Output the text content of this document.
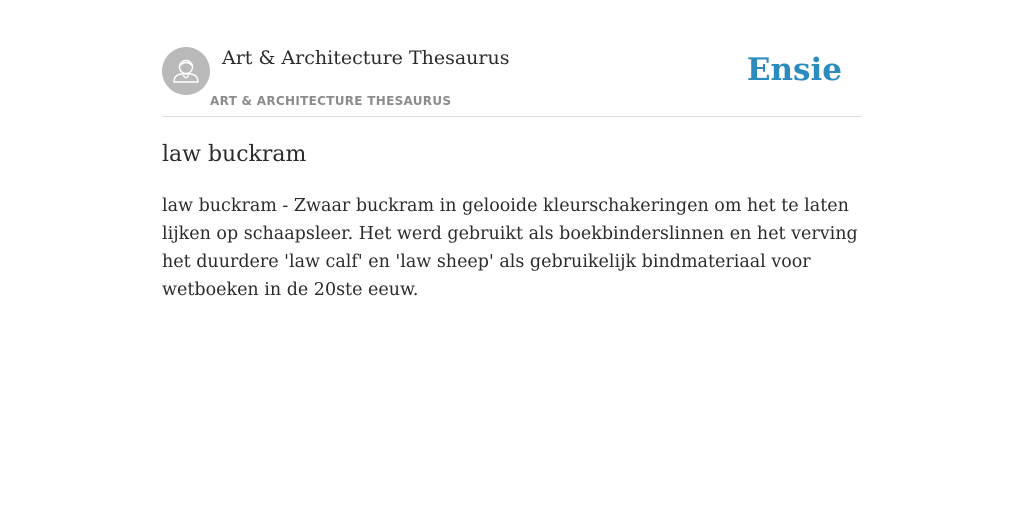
Art & Architecture Thesaurus
ART & ARCHITECTURE THESAURUS
Ensie
law buckram

law buckram - Zwaar buckram in gelooide kleurschakeringen om het te laten lijken op schaapsleer. Het werd gebruikt als boekbinderslinnen en het verving het duurdere 'law calf' en 'law sheep' als gebruikelijk bindmateriaal voor wetboeken in de 20ste eeuw.
